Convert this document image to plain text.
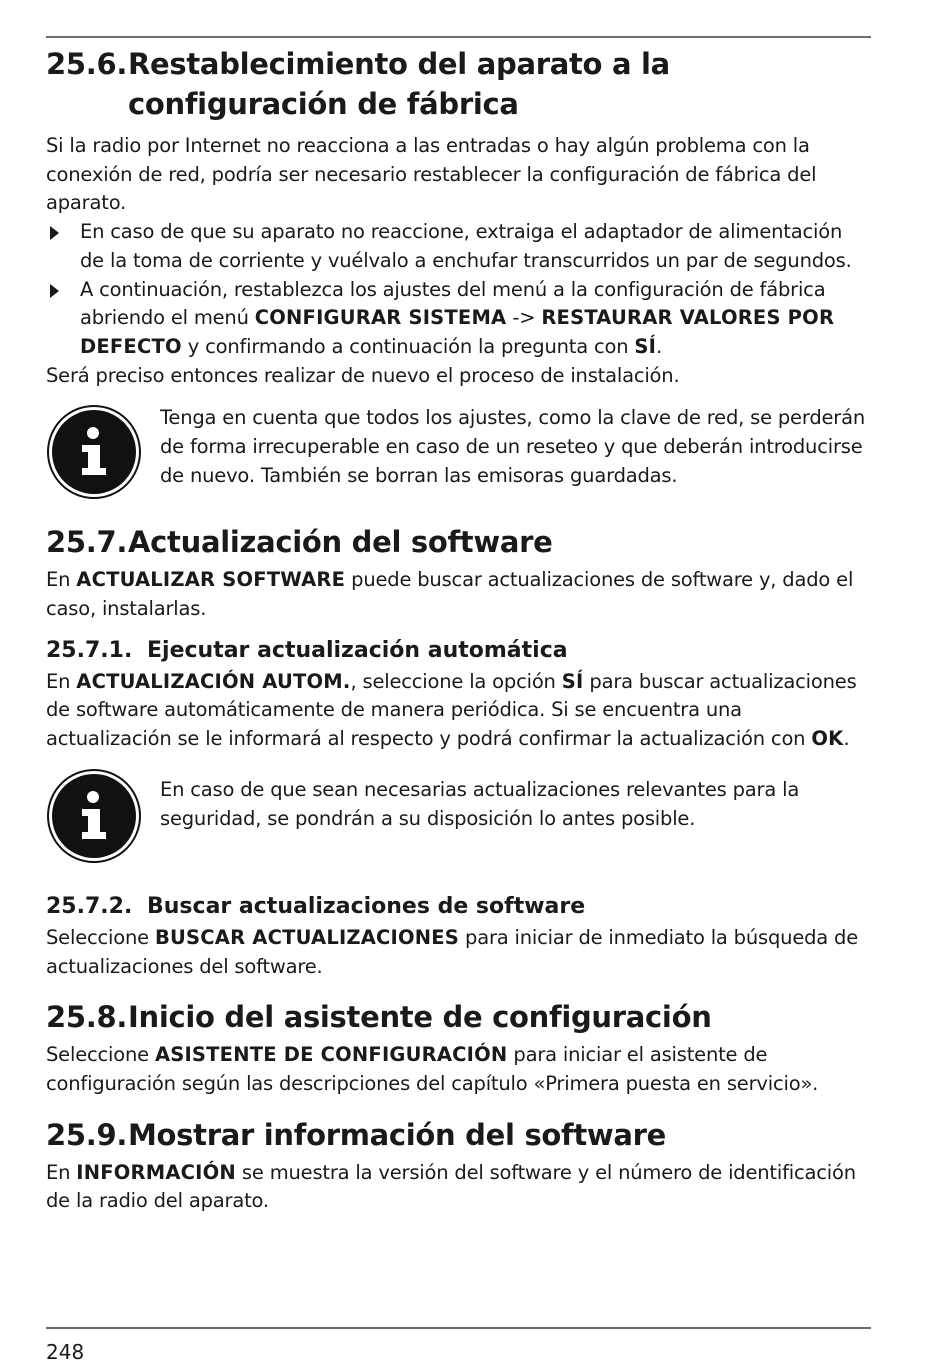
25.6. Restablecimiento del aparato a la configuración de fábrica

Si la radio por Internet no reacciona a las entradas o hay algún problema con la conexión de red, podría ser necesario restablecer la configuración de fábrica del aparato.

En caso de que su aparato no reaccione, extraiga el adaptador de alimentación de la toma de corriente y vuélvalo a enchufar transcurridos un par de segundos.
A continuación, restablezca los ajustes del menú a la configuración de fábrica abriendo el menú CONFIGURAR SISTEMA -> RESTAURAR VALORES POR DEFECTO y confirmando a continuación la pregunta con SÍ.

Será preciso entonces realizar de nuevo el proceso de instalación.

Tenga en cuenta que todos los ajustes, como la clave de red, se perderán de forma irrecuperable en caso de un reseteo y que deberán introducirse de nuevo. También se borran las emisoras guardadas.
25.7. Actualización del software

En ACTUALIZAR SOFTWARE puede buscar actualizaciones de software y, dado el caso, instalarlas.

25.7.1. Ejecutar actualización automática

En ACTUALIZACIÓN AUTOM., seleccione la opción SÍ para buscar actualizaciones de software automáticamente de manera periódica. Si se encuentra una actualización se le informará al respecto y podrá confirmar la actualización con OK.

En caso de que sean necesarias actualizaciones relevantes para la seguridad, se pondrán a su disposición lo antes posible.
25.7.2. Buscar actualizaciones de software

Seleccione BUSCAR ACTUALIZACIONES para iniciar de inmediato la búsqueda de actualizaciones del software.

25.8. Inicio del asistente de configuración

Seleccione ASISTENTE DE CONFIGURACIÓN para iniciar el asistente de configuración según las descripciones del capítulo «Primera puesta en servicio».

25.9. Mostrar información del software

En INFORMACIÓN se muestra la versión del software y el número de identificación de la radio del aparato.

248
